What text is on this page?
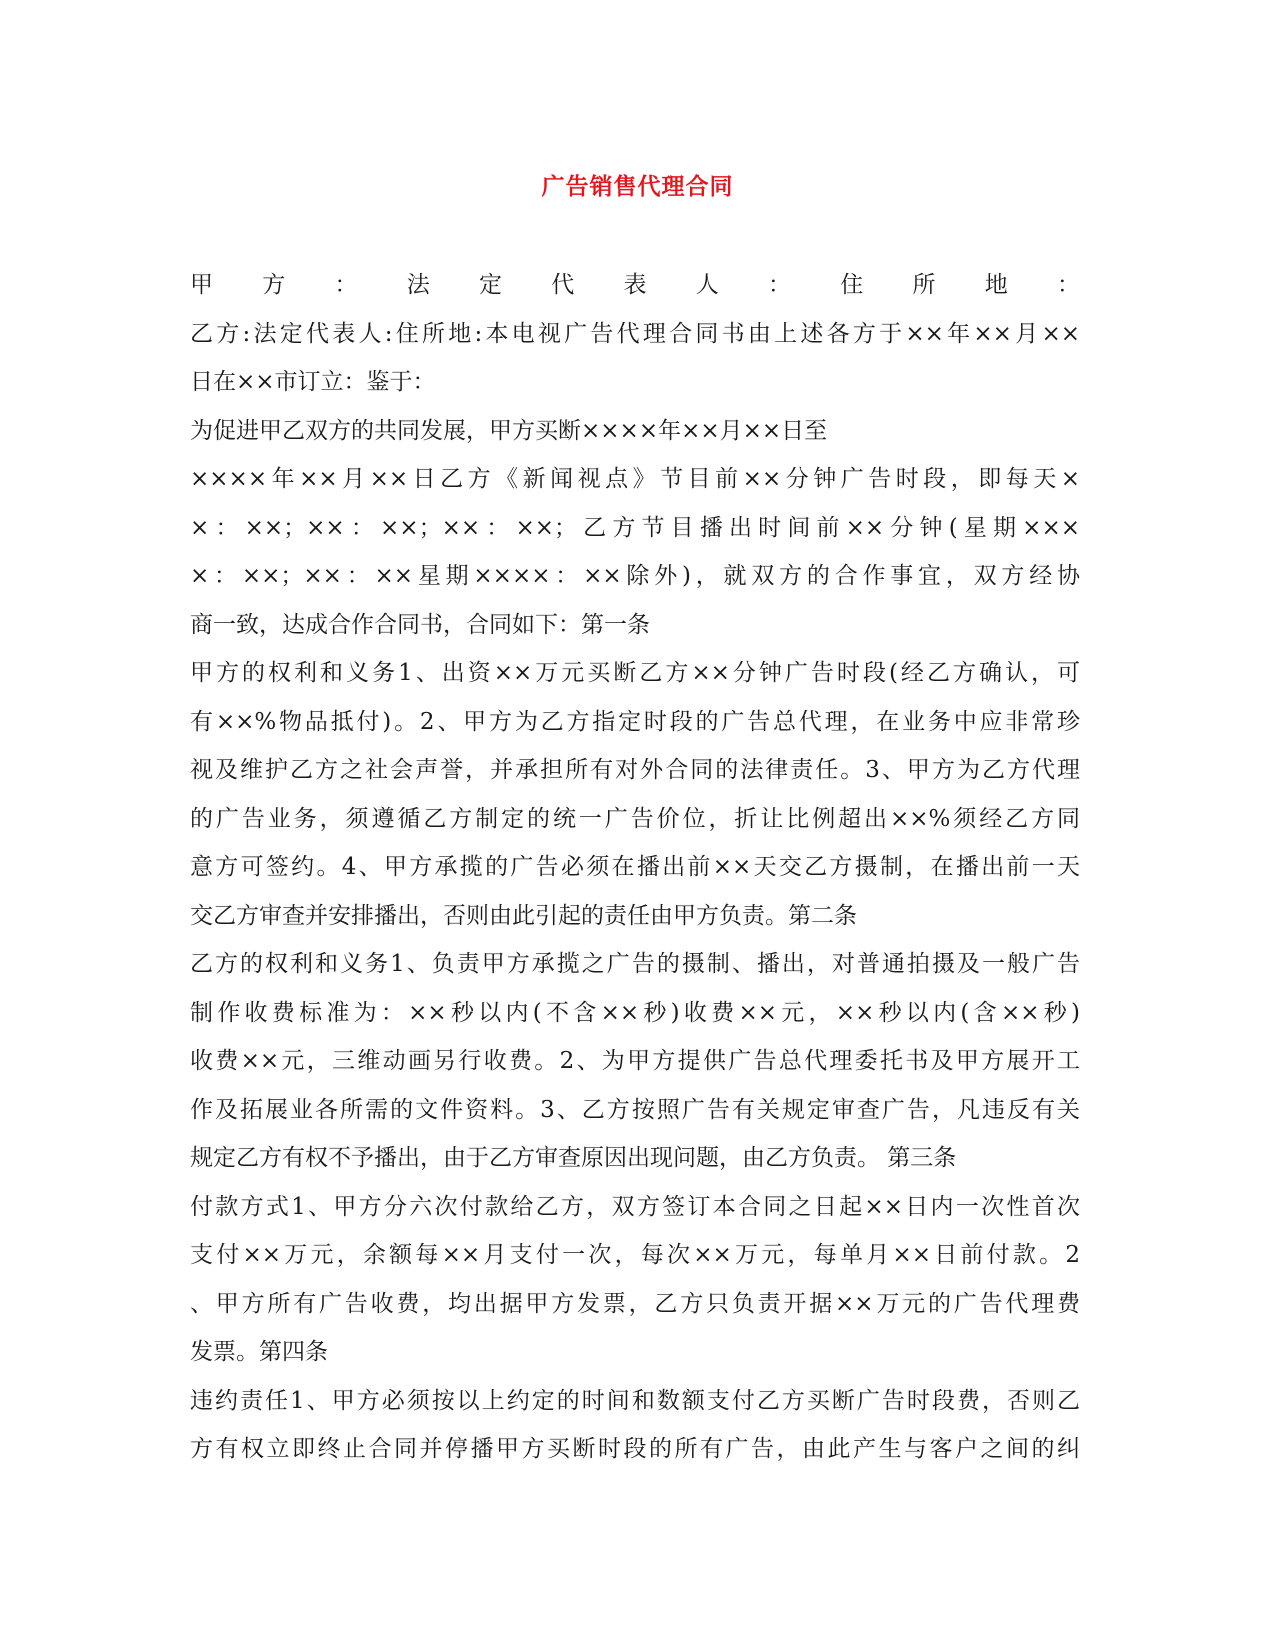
广告销售代理合同
甲方：法定代表人：住所地：
乙方:法定代表人:住所地:本电视广告代理合同书由上述各方于××年××月××
日在××市订立：鉴于：
为促进甲乙双方的共同发展，甲方买断××××年××月××日至
××××年××月××日乙方《新闻视点》节目前××分钟广告时段，即每天×
×：××；××：××；××：××；乙方节目播出时间前××分钟(星期×××
×：××；××：××星期××××：××除外)，就双方的合作事宜，双方经协
商一致，达成合作合同书，合同如下：第一条
甲方的权利和义务1、出资××万元买断乙方××分钟广告时段(经乙方确认，可
有××%物品抵付)。2、甲方为乙方指定时段的广告总代理，在业务中应非常珍
视及维护乙方之社会声誉，并承担所有对外合同的法律责任。3、甲方为乙方代理
的广告业务，须遵循乙方制定的统一广告价位，折让比例超出××%须经乙方同
意方可签约。4、甲方承揽的广告必须在播出前××天交乙方摄制，在播出前一天
交乙方审查并安排播出，否则由此引起的责任由甲方负责。第二条
乙方的权利和义务1、负责甲方承揽之广告的摄制、播出，对普通拍摄及一般广告
制作收费标准为：××秒以内(不含××秒)收费××元，××秒以内(含××秒)
收费××元，三维动画另行收费。2、为甲方提供广告总代理委托书及甲方展开工
作及拓展业各所需的文件资料。3、乙方按照广告有关规定审查广告，凡违反有关
规定乙方有权不予播出，由于乙方审查原因出现问题，由乙方负责。 第三条
付款方式1、甲方分六次付款给乙方，双方签订本合同之日起××日内一次性首次
支付××万元，余额每××月支付一次，每次××万元，每单月××日前付款。2
、甲方所有广告收费，均出据甲方发票，乙方只负责开据××万元的广告代理费
发票。第四条
违约责任1、甲方必须按以上约定的时间和数额支付乙方买断广告时段费，否则乙
方有权立即终止合同并停播甲方买断时段的所有广告，由此产生与客户之间的纠
